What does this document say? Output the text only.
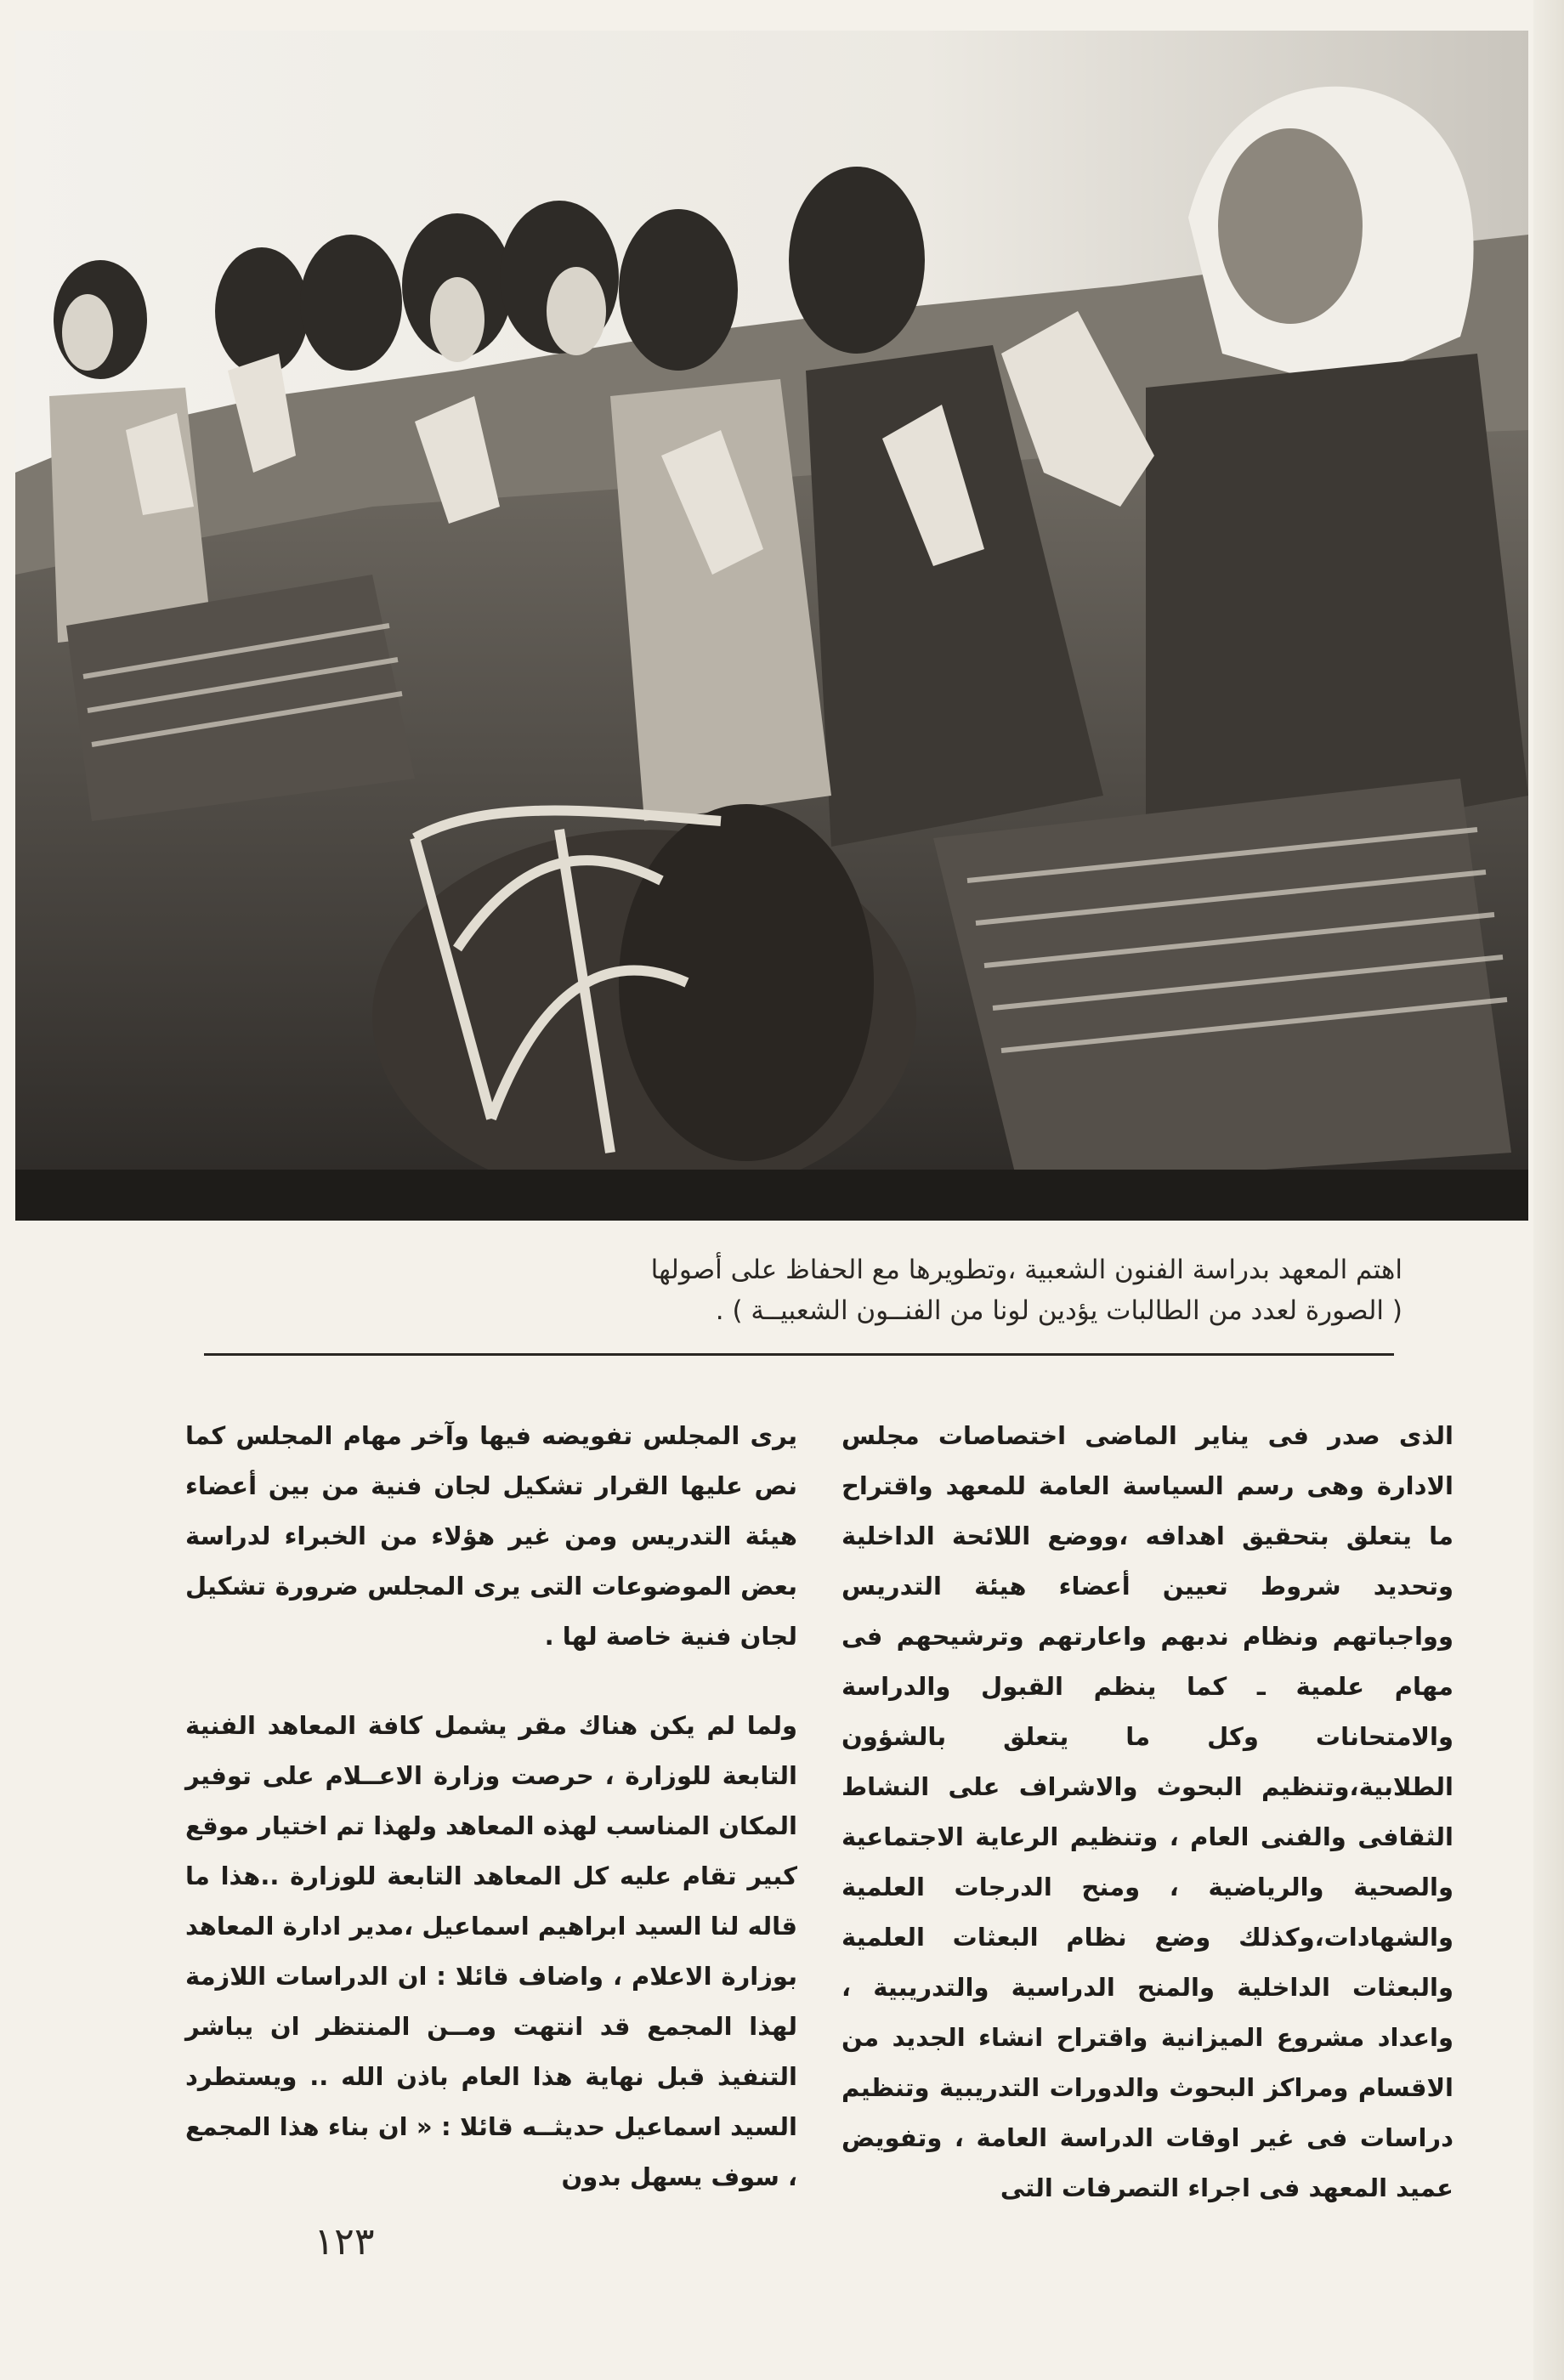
اهتم المعهد بدراسة الفنون الشعبية ،وتطويرها مع الحفاظ على أصولها
( الصورة لعدد من الطالبات يؤدين لونا من الفنــون الشعبيــة ) .

الذى صدر فى يناير الماضى اختصاصات مجلس الادارة وهى رسم السياسة العامة للمعهد واقتراح ما يتعلق بتحقيق اهدافه ،ووضع اللائحة الداخلية وتحديد شروط تعيين أعضاء هيئة التدريس وواجباتهم ونظام ندبهم واعارتهم وترشيحهم فى مهام علمية ـ كما ينظم القبول والدراسة والامتحانات وكل ما يتعلق بالشؤون الطلابية،وتنظيم البحوث والاشراف على النشاط الثقافى والفنى العام ، وتنظيم الرعاية الاجتماعية والصحية والرياضية ، ومنح الدرجات العلمية والشهادات،وكذلك وضع نظام البعثات العلمية والبعثات الداخلية والمنح الدراسية والتدريبية ، واعداد مشروع الميزانية واقتراح انشاء الجديد من الاقسام ومراكز البحوث والدورات التدريبية وتنظيم دراسات فى غير اوقات الدراسة العامة ، وتفويض عميد المعهد فى اجراء التصرفات التى

يرى المجلس تفويضه فيها وآخر مهام المجلس كما نص عليها القرار تشكيل لجان فنية من بين أعضاء هيئة التدريس ومن غير هؤلاء من الخبراء لدراسة بعض الموضوعات التى يرى المجلس ضرورة تشكيل لجان فنية خاصة لها .

ولما لم يكن هناك مقر يشمل كافة المعاهد الفنية التابعة للوزارة ، حرصت وزارة الاعــلام على توفير المكان المناسب لهذه المعاهد ولهذا تم اختيار موقع كبير تقام عليه كل المعاهد التابعة للوزارة ..هذا ما قاله لنا السيد ابراهيم اسماعيل ،مدير ادارة المعاهد بوزارة الاعلام ، واضاف قائلا : ان الدراسات اللازمة لهذا المجمع قد انتهت ومــن المنتظر ان يباشر التنفيذ قبل نهاية هذا العام باذن الله .. ويستطرد السيد اسماعيل حديثــه قائلا : « ان بناء هذا المجمع ، سوف يسهل بدون

١٢٣
